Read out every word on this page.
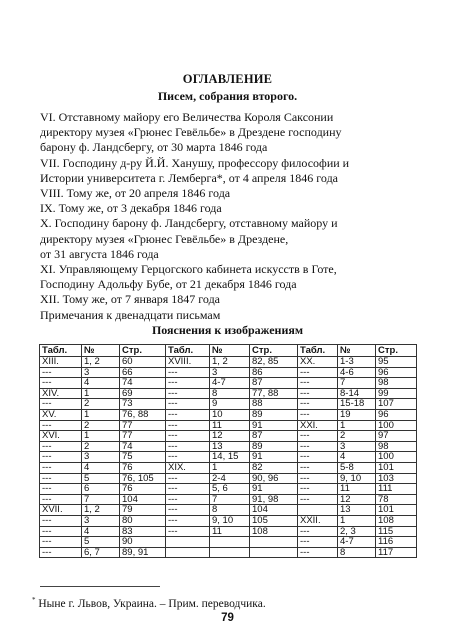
ОГЛАВЛЕНИЕ
Писем, собрания второго.
VI. Отставному майору его Величества Короля Саксонии
директору музея «Грюнес Гевёльбе» в Дрездене господину
барону ф. Ландсбергу, от 30 марта 1846 года
VII. Господину д-ру Й.Й. Ханушу, профессору философии и
Истории университета г. Лемберга*, от 4 апреля 1846 года
VIII. Тому же, от 20 апреля 1846 года
IX. Тому же, от 3 декабря 1846 года
X. Господину барону ф. Ландсбергу, отставному майору и
директору музея «Грюнес Гевёльбе» в Дрездене,
от 31 августа 1846 года
XI. Управляющему Герцогского кабинета искусств в Готе,
Господину Адольфу Бубе, от 21 декабря 1846 года
XII. Тому же, от 7 января 1847 года
Примечания к двенадцати письмам
Пояснения к изображениям
Табл.	№	Стр.	Табл.	№	Стр.	Табл.	№	Стр.
XIII.	1, 2	60	XVIII.	1, 2	82, 85	XX.	1-3	95
---	3	66	---	3	86	---	4-6	96
---	4	74	---	4-7	87	---	7	98
XIV.	1	69	---	8	77, 88	---	8-14	99
---	2	73	---	9	88	---	15-18	107
XV.	1	76, 88	---	10	89	---	19	96
---	2	77	---	11	91	XXI.	1	100
XVI.	1	77	---	12	87	---	2	97
---	2	74	---	13	89	---	3	98
---	3	75	---	14, 15	91	---	4	100
---	4	76	XIX.	1	82	---	5-8	101
---	5	76, 105	---	2-4	90, 96	---	9, 10	103
---	6	76	---	5, 6	91	---	11	111
---	7	104	---	7	91, 98	---	12	78
XVII.	1, 2	79	---	8	104		13	101
---	3	80	---	9, 10	105	XXII.	1	108
---	4	83	---	11	108	---	2, 3	115
---	5	90				---	4-7	116
---	6, 7	89, 91				---	8	117
* Ныне г. Львов, Украина. – Прим. переводчика.
79
